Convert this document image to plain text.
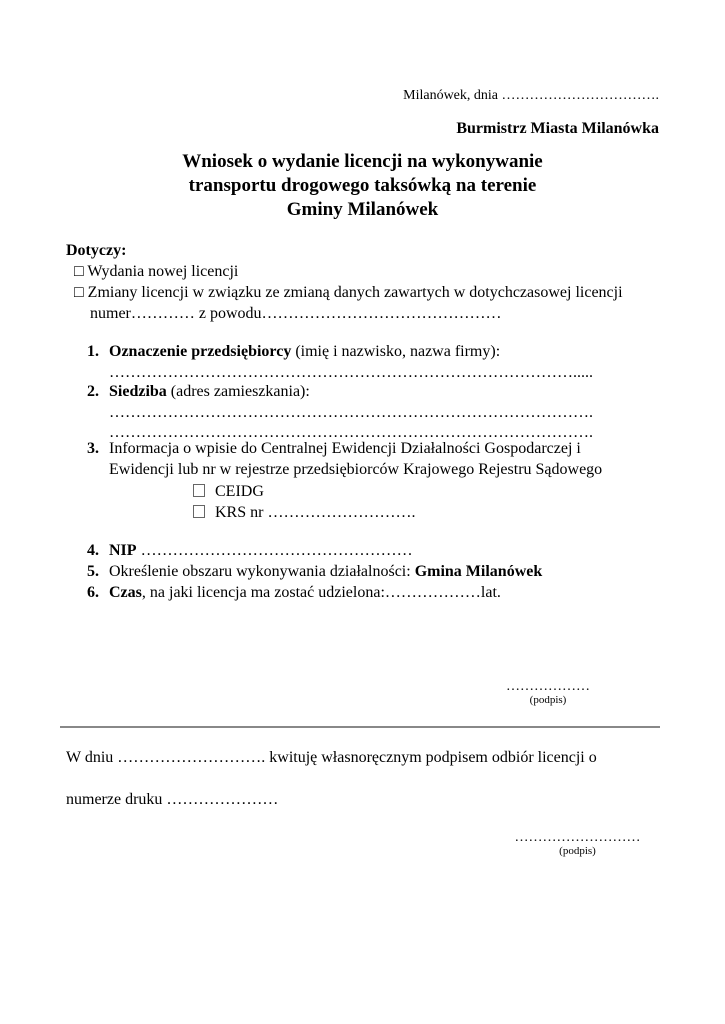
Milanówek, dnia …………………………….
Burmistrz Miasta Milanówka
Wniosek o wydanie licencji na wykonywanie
transportu drogowego taksówką na terenie
Gminy Milanówek
Dotyczy:
□ Wydania nowej licencji
□ Zmiany licencji w związku ze zmianą danych zawartych w dotychczasowej licencji
numer………… z powodu………………………………………
1. Oznaczenie przedsiębiorcy (imię i nazwisko, nazwa firmy):
…………………………………………………………………………….....
2. Siedziba (adres zamieszkania):
……………………………………………………………………………….
……………………………………………………………………………….
3. Informacja o wpisie do Centralnej Ewidencji Działalności Gospodarczej i
Ewidencji lub nr w rejestrze przedsiębiorców Krajowego Rejestru Sądowego
CEIDG
KRS nr ……………………….
4. NIP ……………………………………………
5. Określenie obszaru wykonywania działalności: Gmina Milanówek
6. Czas, na jaki licencja ma zostać udzielona:………………lat.
………………
(podpis)
W dniu ………………………. kwituję własnoręcznym podpisem odbiór licencji o
numerze druku …………………
………………………
(podpis)
